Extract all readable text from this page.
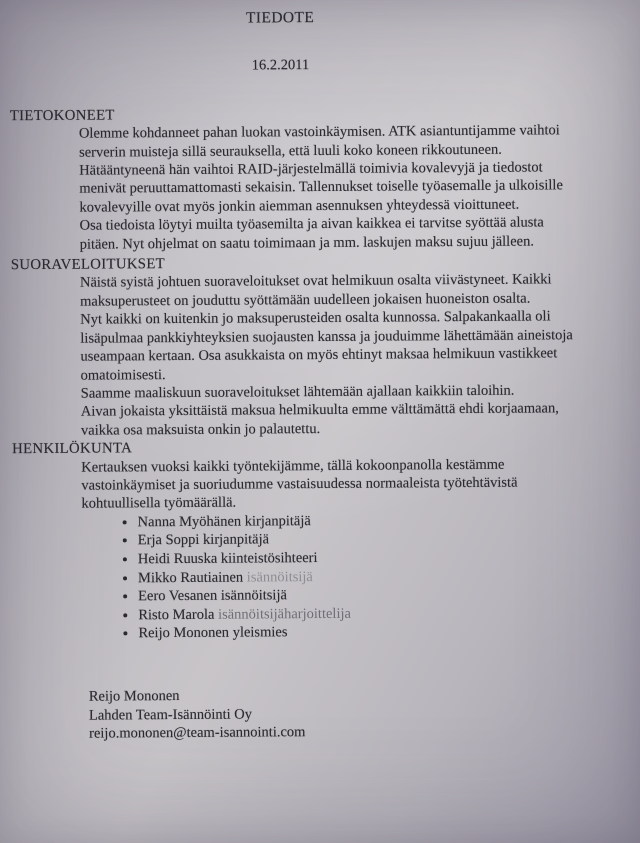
TIEDOTE
16.2.2011
TIETOKONEET

Olemme kohdanneet pahan luokan vastoinkäymisen. ATK asiantuntijamme vaihtoi
serverin muisteja sillä seurauksella, että luuli koko koneen rikkoutuneen.
Hätääntyneenä hän vaihtoi RAID-järjestelmällä toimivia kovalevyjä ja tiedostot
menivät peruuttamattomasti sekaisin. Tallennukset toiselle työasemalle ja ulkoisille
kovalevyille ovat myös jonkin aiemman asennuksen yhteydessä vioittuneet.
Osa tiedoista löytyi muilta työasemilta ja aivan kaikkea ei tarvitse syöttää alusta
pitäen. Nyt ohjelmat on saatu toimimaan ja mm. laskujen maksu sujuu jälleen.

SUORAVELOITUKSET

Näistä syistä johtuen suoraveloitukset ovat helmikuun osalta viivästyneet. Kaikki
maksuperusteet on jouduttu syöttämään uudelleen jokaisen huoneiston osalta.
Nyt kaikki on kuitenkin jo maksuperusteiden osalta kunnossa. Salpakankaalla oli
lisäpulmaa pankkiyhteyksien suojausten kanssa ja jouduimme lähettämään aineistoja
useampaan kertaan. Osa asukkaista on myös ehtinyt maksaa helmikuun vastikkeet
omatoimisesti.
Saamme maaliskuun suoraveloitukset lähtemään ajallaan kaikkiin taloihin.
Aivan jokaista yksittäistä maksua helmikuulta emme välttämättä ehdi korjaamaan,
vaikka osa maksuista onkin jo palautettu.

HENKILÖKUNTA

Kertauksen vuoksi kaikki työntekijämme, tällä kokoonpanolla kestämme
vastoinkäymiset ja suoriudumme vastaisuudessa normaaleista työtehtävistä
kohtuullisella työmäärällä.

• Nanna Myöhänen kirjanpitäjä
• Erja Soppi kirjanpitäjä
• Heidi Ruuska kiinteistösihteeri
• Mikko Rautiainen isännöitsijä
• Eero Vesanen isännöitsijä
• Risto Marola isännöitsijäharjoittelija
• Reijo Mononen yleismies
Reijo Mononen
Lahden Team-Isännöinti Oy
reijo.mononen@team-isannointi.com
